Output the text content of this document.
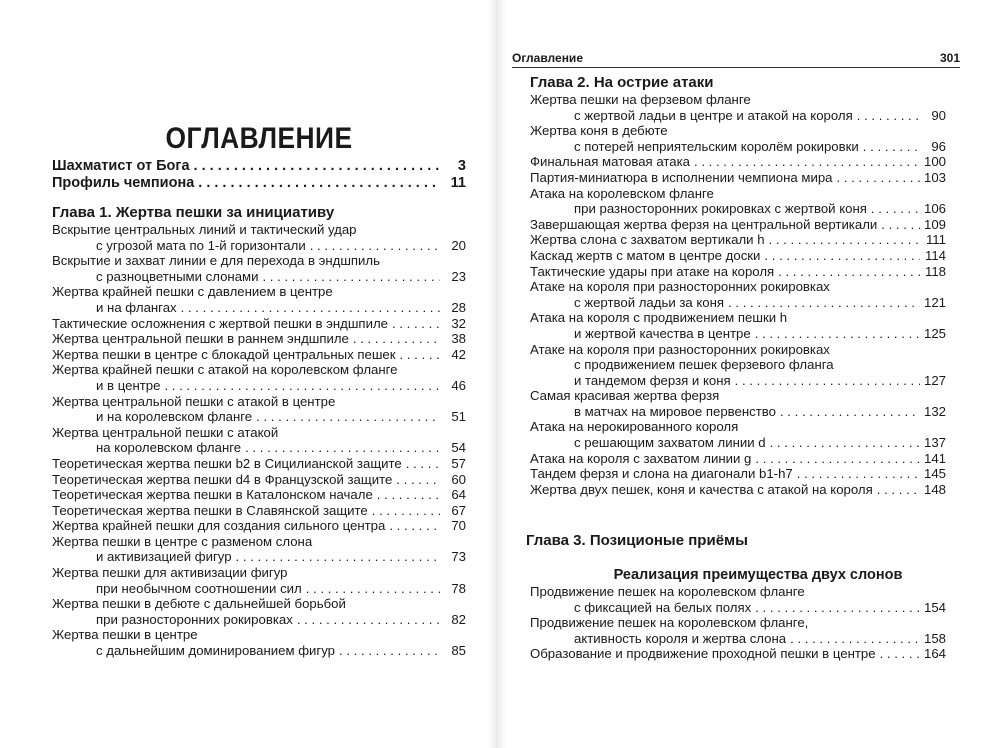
ОГЛАВЛЕНИЕ
Шахматист от Бога . . .	3
Профиль чемпиона . . .	11
Глава 1. Жертва пешки за инициативу
Вскрытие центральных линий и тактический удар
с угрозой мата по 1-й горизонтали . . .	20
Вскрытие и захват линии e для перехода в эндшпиль
с разноцветными слонами . . .	23
Жертва крайней пешки с давлением в центре
и на флангах . . .	28
Тактические осложнения с жертвой пешки в эндшпиле . . .	32
Жертва центральной пешки в раннем эндшпиле . . .	38
Жертва пешки в центре с блокадой центральных пешек . . .	42
Жертва крайней пешки с атакой на королевском фланге
и в центре . . .	46
Жертва центральной пешки с атакой в центре
и на королевском фланге . . .	51
Жертва центральной пешки с атакой
на королевском фланге . . .	54
Теоретическая жертва пешки b2 в Сицилианской защите . . .	57
Теоретическая жертва пешки d4 в Французской защите . . .	60
Теоретическая жертва пешки в Каталонском начале . . .	64
Теоретическая жертва пешки в Славянской защите . . .	67
Жертва крайней пешки для создания сильного центра . . .	70
Жертва пешки в центре с разменом слона
и активизацией фигур . . .	73
Жертва пешки для активизации фигур
при необычном соотношении сил . . .	78
Жертва пешки в дебюте с дальнейшей борьбой
при разносторонних рокировках . . .	82
Жертва пешки в центре
с дальнейшим доминированием фигур . . .	85
Оглавление	301
Глава 2. На острие атаки
Жертва пешки на ферзевом фланге
с жертвой ладьи в центре и атакой на короля . . .	90
Жертва коня в дебюте
с потерей неприятельским королём рокировки . . .	96
Финальная матовая атака . . .	100
Партия-миниатюра в исполнении чемпиона мира . . .	103
Атака на королевском фланге
при разносторонних рокировках с жертвой коня . . .	106
Завершающая жертва ферзя на центральной вертикали . . .	109
Жертва слона с захватом вертикали h . . .	111
Каскад жертв с матом в центре доски . . .	114
Тактические удары при атаке на короля . . .	118
Атаке на короля при разносторонних рокировках
с жертвой ладьи за коня . . .	121
Атака на короля с продвижением пешки h
и жертвой качества в центре . . .	125
Атаке на короля при разносторонних рокировках
с продвижением пешек ферзевого фланга
и тандемом ферзя и коня . . .	127
Самая красивая жертва ферзя
в матчах на мировое первенство . . .	132
Атака на нерокированного короля
с решающим захватом линии d . . .	137
Атака на короля с захватом линии g . . .	141
Тандем ферзя и слона на диагонали b1-h7 . . .	145
Жертва двух пешек, коня и качества с атакой на короля . . .	148
Глава 3. Позиционые приёмы
Реализация преимущества двух слонов
Продвижение пешек на королевском фланге
с фиксацией на белых полях . . .	154
Продвижение пешек на королевском фланге,
активность короля и жертва слона . . .	158
Образование и продвижение проходной пешки в центре . . .	164
